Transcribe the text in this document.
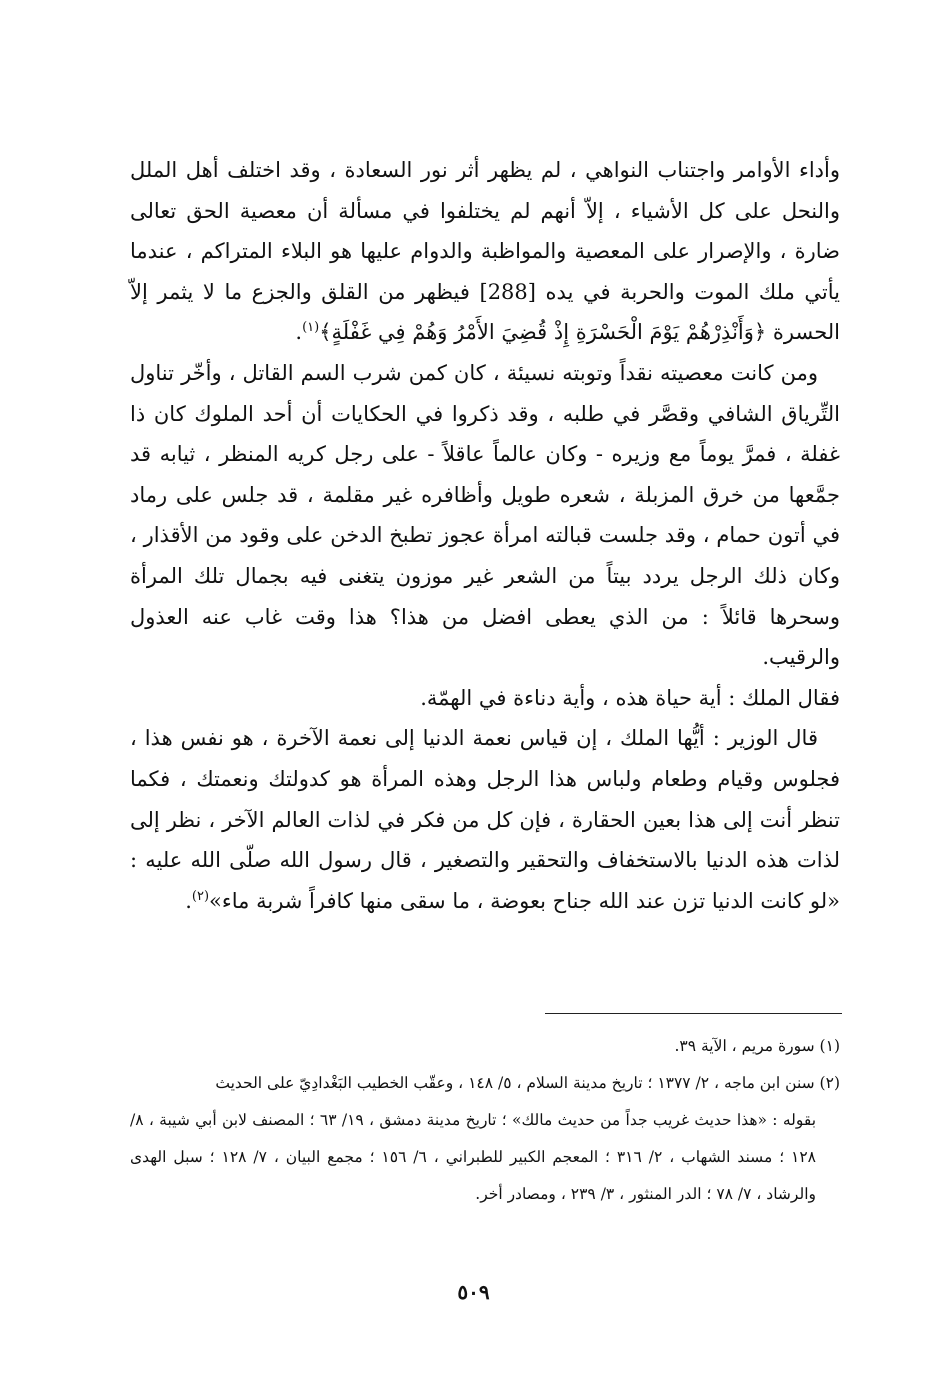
وأداء الأوامر واجتناب النواهي ، لم يظهر أثر نور السعادة ، وقد اختلف أهل الملل والنحل على كل الأشياء ، إلاّ أنهم لم يختلفوا في مسألة أن معصية الحق تعالى ضارة ، والإصرار على المعصية والمواظبة والدوام عليها هو البلاء المتراكم ، عندما يأتي ملك الموت والحربة في يده [288] فيظهر من القلق والجزع ما لا يثمر إلاّ الحسرة ﴿وَأَنْذِرْهُمْ يَوْمَ الْحَسْرَةِ إِذْ قُضِيَ الأَمْرُ وَهُمْ فِي غَفْلَةٍ﴾$^{(١)}$.

ومن كانت معصيته نقداً وتوبته نسيئة ، كان كمن شرب السم القاتل ، وأخّر تناول التِّرياق الشافي وقصَّر في طلبه ، وقد ذكروا في الحكايات أن أحد الملوك كان ذا غفلة ، فمرَّ يوماً مع وزيره - وكان عالماً عاقلاً - على رجل كريه المنظر ، ثيابه قد جمَّعها من خرق المزبلة ، شعره طويل وأظافره غير مقلمة ، قد جلس على رماد في أتون حمام ، وقد جلست قبالته امرأة عجوز تطبخ الدخن على وقود من الأقذار ، وكان ذلك الرجل يردد بيتاً من الشعر غير موزون يتغنى فيه بجمال تلك المرأة وسحرها قائلاً : من الذي يعطى افضل من هذا؟ هذا وقت غاب عنه العذول والرقيب.

فقال الملك : أية حياة هذه ، وأية دناءة في الهمّة.

قال الوزير : أيُّها الملك ، إن قياس نعمة الدنيا إلى نعمة الآخرة ، هو نفس هذا ، فجلوس وقيام وطعام ولباس هذا الرجل وهذه المرأة هو كدولتك ونعمتك ، فكما تنظر أنت إلى هذا بعين الحقارة ، فإن كل من فكر في لذات العالم الآخر ، نظر إلى لذات هذه الدنيا بالاستخفاف والتحقير والتصغير ، قال رسول الله صلّى الله عليه : «لو كانت الدنيا تزن عند الله جناح بعوضة ، ما سقى منها كافراً شربة ماء»$^{(٢)}$.

(١) سورة مريم ، الآية ٣٩.

(٢) سنن ابن ماجه ، ٢/ ١٣٧٧ ؛ تاريخ مدينة السلام ، ٥/ ١٤٨ ، وعقّب الخطيب البَغْدادِيّ على الحديث

بقوله : «هذا حديث غريب جداً من حديث مالك» ؛ تاريخ مدينة دمشق ، ١٩/ ٦٣ ؛ المصنف لابن أبي شيبة ، ٨/ ١٢٨ ؛ مسند الشهاب ، ٢/ ٣١٦ ؛ المعجم الكبير للطبراني ، ٦/ ١٥٦ ؛ مجمع البيان ، ٧/ ١٢٨ ؛ سبل الهدى والرشاد ، ٧/ ٧٨ ؛ الدر المنثور ، ٣/ ٢٣٩ ، ومصادر أخر.

٥٠٩
